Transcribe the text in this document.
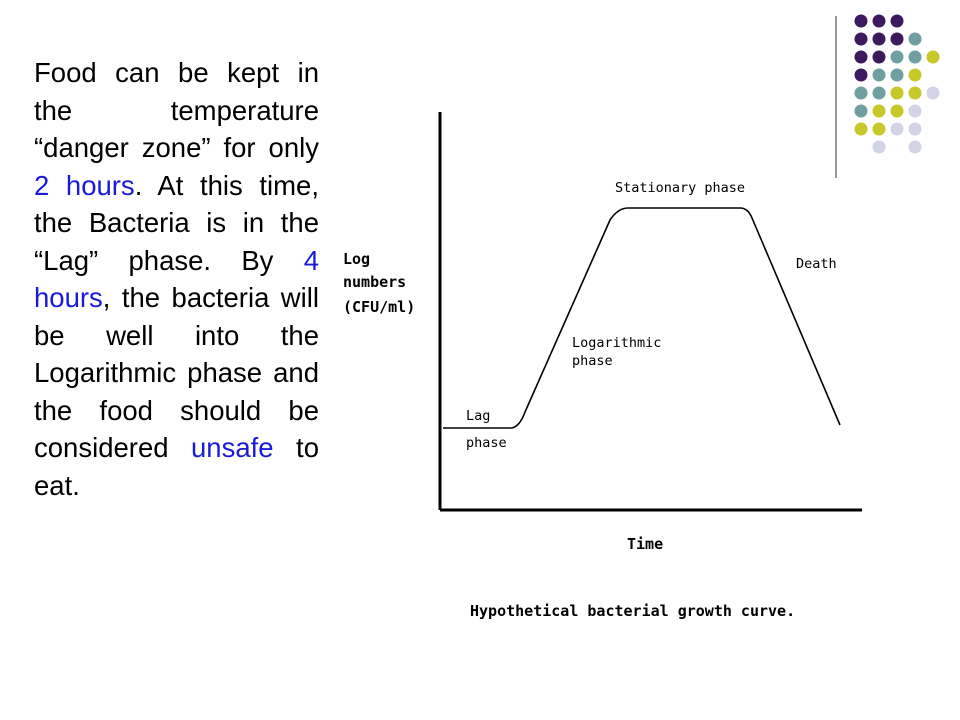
Food can be kept in the temperature “danger zone” for only 2 hours. At this time, the Bacteria is in the “Lag” phase. By 4 hours, the bacteria will be well into the Logarithmic phase and the food should be considered unsafe to eat.

Stationary phase
Death
Logarithmic
phase
Lag
phase
Log
numbers
(CFU/ml)
Time
Hypothetical bacterial growth curve.
